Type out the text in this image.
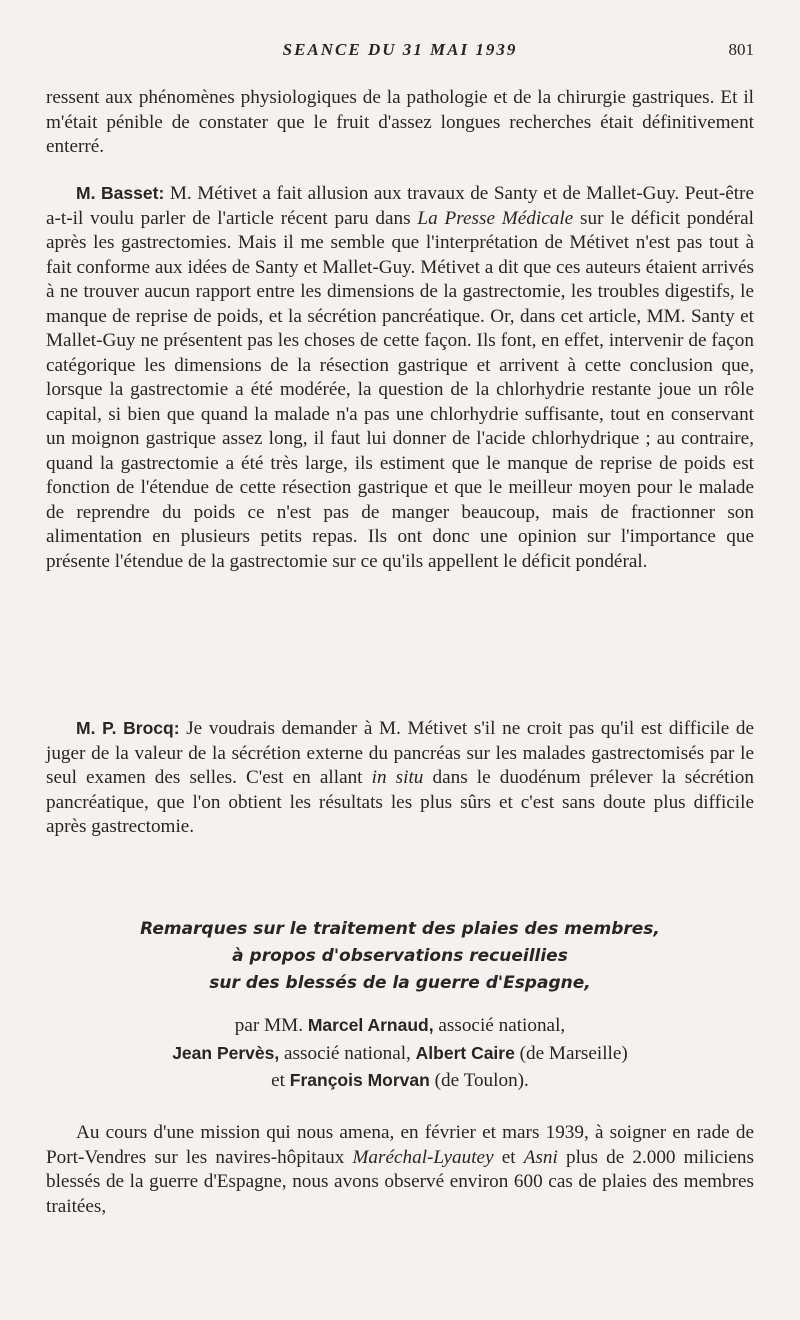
SEANCE DU 31 MAI 1939	801

ressent aux phénomènes physiologiques de la pathologie et de la chirurgie gastriques. Et il m'était pénible de constater que le fruit d'assez longues recherches était définitivement enterré.

M. Basset: M. Métivet a fait allusion aux travaux de Santy et de Mallet-Guy. Peut-être a-t-il voulu parler de l'article récent paru dans La Presse Médicale sur le déficit pondéral après les gastrectomies. Mais il me semble que l'interprétation de Métivet n'est pas tout à fait conforme aux idées de Santy et Mallet-Guy. Métivet a dit que ces auteurs étaient arrivés à ne trouver aucun rapport entre les dimensions de la gastrectomie, les troubles digestifs, le manque de reprise de poids, et la sécrétion pancréatique. Or, dans cet article, MM. Santy et Mallet-Guy ne présentent pas les choses de cette façon. Ils font, en effet, intervenir de façon catégorique les dimensions de la résection gastrique et arrivent à cette conclusion que, lorsque la gastrectomie a été modérée, la question de la chlorhydrie restante joue un rôle capital, si bien que quand la malade n'a pas une chlorhydrie suffisante, tout en conservant un moignon gastrique assez long, il faut lui donner de l'acide chlorhydrique ; au contraire, quand la gastrectomie a été très large, ils estiment que le manque de reprise de poids est fonction de l'étendue de cette résection gastrique et que le meilleur moyen pour le malade de reprendre du poids ce n'est pas de manger beaucoup, mais de fractionner son alimentation en plusieurs petits repas. Ils ont donc une opinion sur l'importance que présente l'étendue de la gastrectomie sur ce qu'ils appellent le déficit pondéral.

M. P. Brocq: Je voudrais demander à M. Métivet s'il ne croit pas qu'il est difficile de juger de la valeur de la sécrétion externe du pancréas sur les malades gastrectomisés par le seul examen des selles. C'est en allant in situ dans le duodénum prélever la sécrétion pancréatique, que l'on obtient les résultats les plus sûrs et c'est sans doute plus difficile après gastrectomie.

Remarques sur le traitement des plaies des membres,
à propos d'observations recueillies
sur des blessés de la guerre d'Espagne,
par MM. Marcel Arnaud, associé national,
Jean Pervès, associé national, Albert Caire (de Marseille)
et François Morvan (de Toulon).

Au cours d'une mission qui nous amena, en février et mars 1939, à soigner en rade de Port-Vendres sur les navires-hôpitaux Maréchal-Lyautey et Asni plus de 2.000 miliciens blessés de la guerre d'Espagne, nous avons observé environ 600 cas de plaies des membres traitées,
